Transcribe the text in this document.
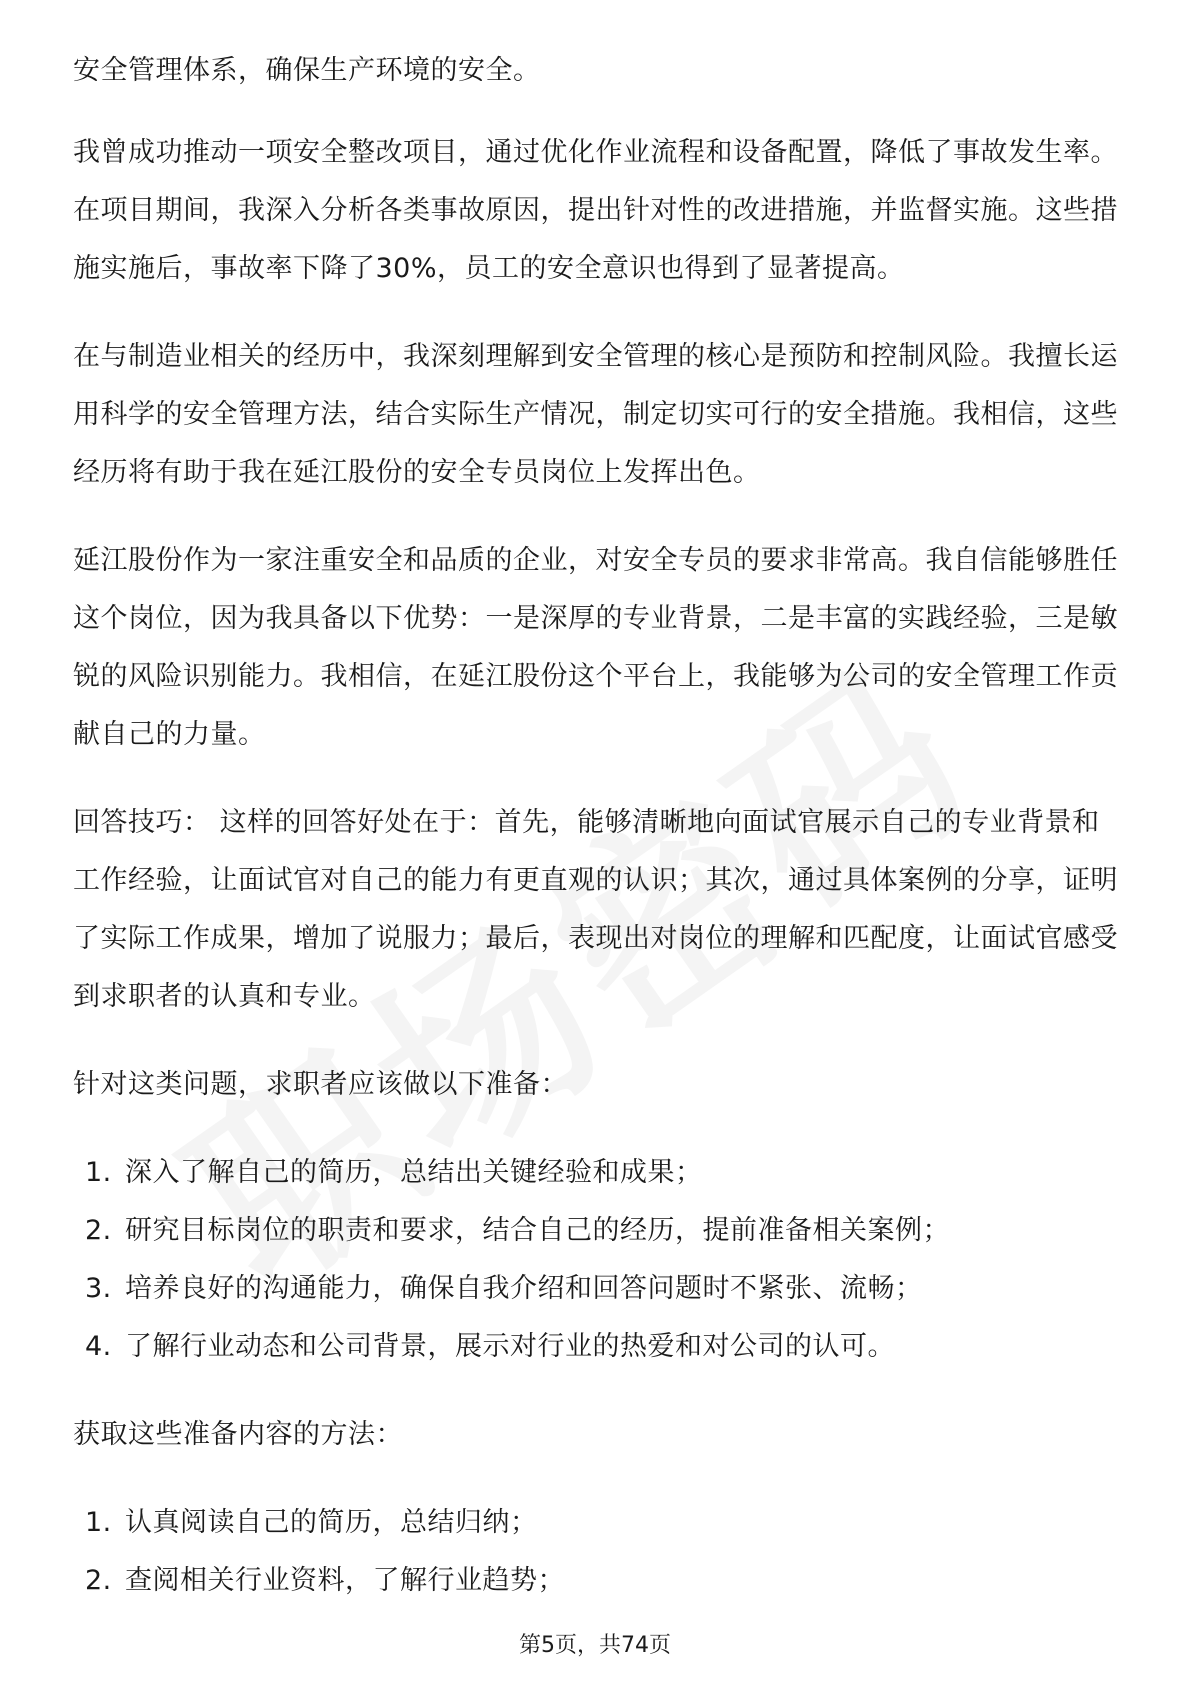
安全管理体系，确保生产环境的安全。

我曾成功推动一项安全整改项目，通过优化作业流程和设备配置，降低了事故发生率。在项目期间，我深入分析各类事故原因，提出针对性的改进措施，并监督实施。这些措施实施后，事故率下降了30%，员工的安全意识也得到了显著提高。

在与制造业相关的经历中，我深刻理解到安全管理的核心是预防和控制风险。我擅长运用科学的安全管理方法，结合实际生产情况，制定切实可行的安全措施。我相信，这些经历将有助于我在延江股份的安全专员岗位上发挥出色。

延江股份作为一家注重安全和品质的企业，对安全专员的要求非常高。我自信能够胜任这个岗位，因为我具备以下优势：一是深厚的专业背景，二是丰富的实践经验，三是敏锐的风险识别能力。我相信，在延江股份这个平台上，我能够为公司的安全管理工作贡献自己的力量。

回答技巧： 这样的回答好处在于：首先，能够清晰地向面试官展示自己的专业背景和工作经验，让面试官对自己的能力有更直观的认识；其次，通过具体案例的分享，证明了实际工作成果，增加了说服力；最后，表现出对岗位的理解和匹配度，让面试官感受到求职者的认真和专业。

针对这类问题，求职者应该做以下准备：

1. 深入了解自己的简历，总结出关键经验和成果；
2. 研究目标岗位的职责和要求，结合自己的经历，提前准备相关案例；
3. 培养良好的沟通能力，确保自我介绍和回答问题时不紧张、流畅；
4. 了解行业动态和公司背景，展示对行业的热爱和对公司的认可。

获取这些准备内容的方法：

1. 认真阅读自己的简历，总结归纳；
2. 查阅相关行业资料，了解行业趋势；
第5页，共74页
